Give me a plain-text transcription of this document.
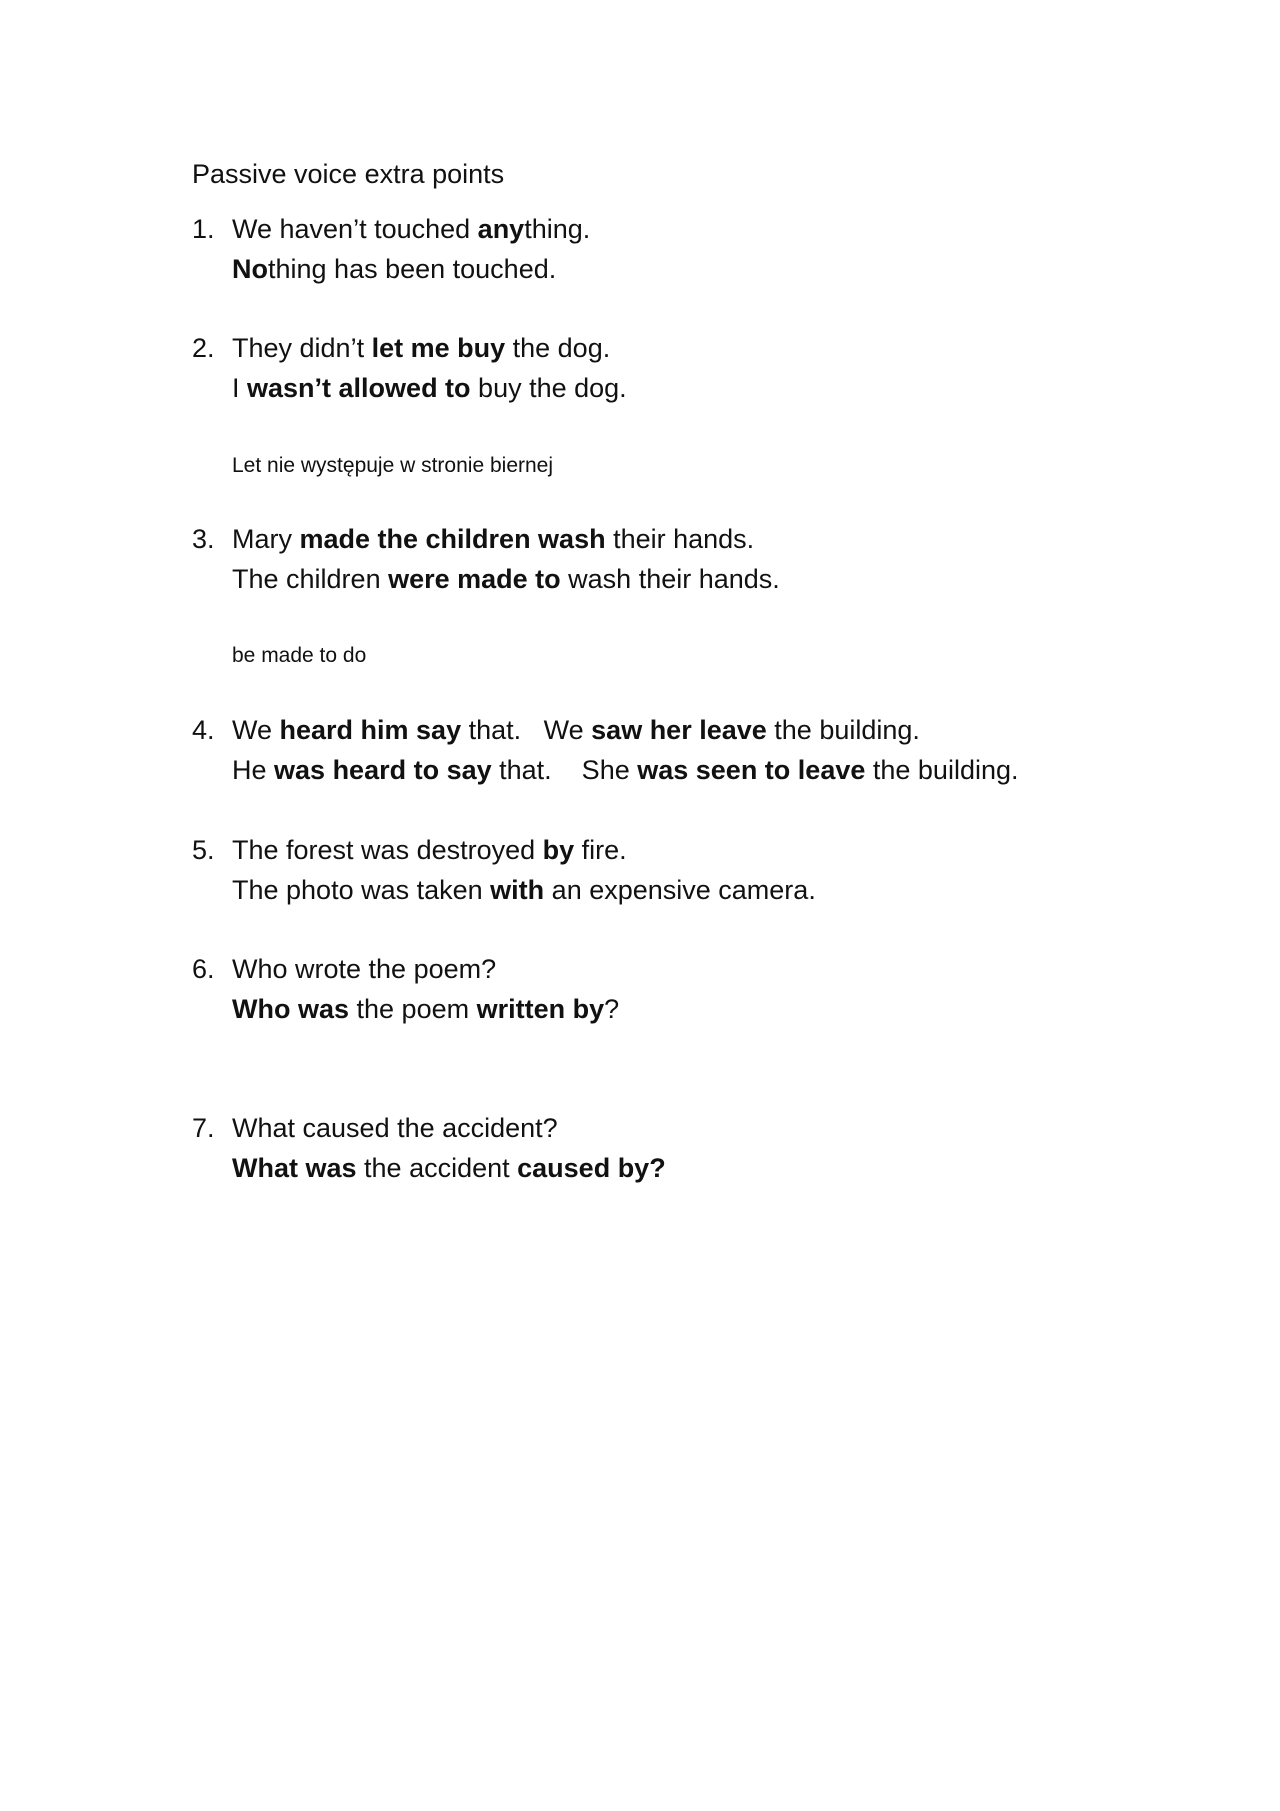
Passive voice extra points
1. We haven’t touched anything.
Nothing has been touched.
2. They didn’t let me buy the dog.
I wasn’t allowed to buy the dog.
Let nie występuje w stronie biernej
3. Mary made the children wash their hands.
The children were made to wash their hands.
be made to do
4. We heard him say that.   We saw her leave the building.
He was heard to say that.    She was seen to leave the building.
5. The forest was destroyed by fire.
The photo was taken with an expensive camera.
6. Who wrote the poem?
Who was the poem written by?
7. What caused the accident?
What was the accident caused by?
